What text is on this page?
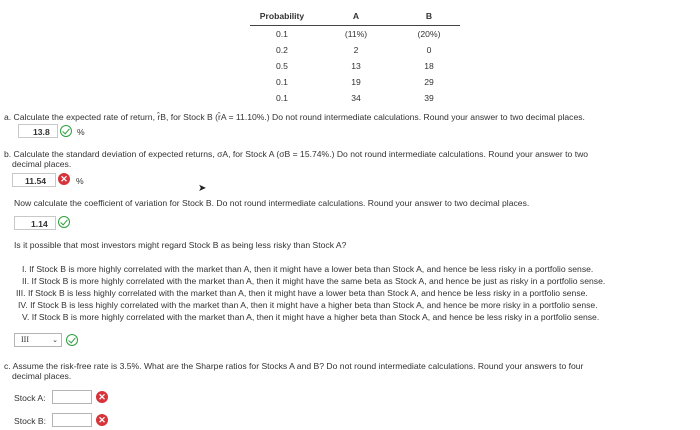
Probability	A	B
0.1	(11%)	(20%)
0.2	2	0
0.5	13	18
0.1	19	29
0.1	34	39
a. Calculate the expected rate of return, r̂B, for Stock B (r̂A = 11.10%.) Do not round intermediate calculations. Round your answer to two decimal places.
13.8	%
b. Calculate the standard deviation of expected returns, σA, for Stock A (σB = 15.74%.) Do not round intermediate calculations. Round your answer to two
decimal places.
11.54	✕ %
➤
Now calculate the coefficient of variation for Stock B. Do not round intermediate calculations. Round your answer to two decimal places.
1.14
Is it possible that most investors might regard Stock B as being less risky than Stock A?
I. If Stock B is more highly correlated with the market than A, then it might have a lower beta than Stock A, and hence be less risky in a portfolio sense.
II. If Stock B is more highly correlated with the market than A, then it might have the same beta as Stock A, and hence be just as risky in a portfolio sense.
III. If Stock B is less highly correlated with the market than A, then it might have a lower beta than Stock A, and hence be less risky in a portfolio sense.
IV. If Stock B is less highly correlated with the market than A, then it might have a higher beta than Stock A, and hence be more risky in a portfolio sense.
V. If Stock B is more highly correlated with the market than A, then it might have a higher beta than Stock A, and hence be less risky in a portfolio sense.
III	⌄
c. Assume the risk-free rate is 3.5%. What are the Sharpe ratios for Stocks A and B? Do not round intermediate calculations. Round your answers to four
decimal places.
Stock A:	✕
Stock B:	✕
